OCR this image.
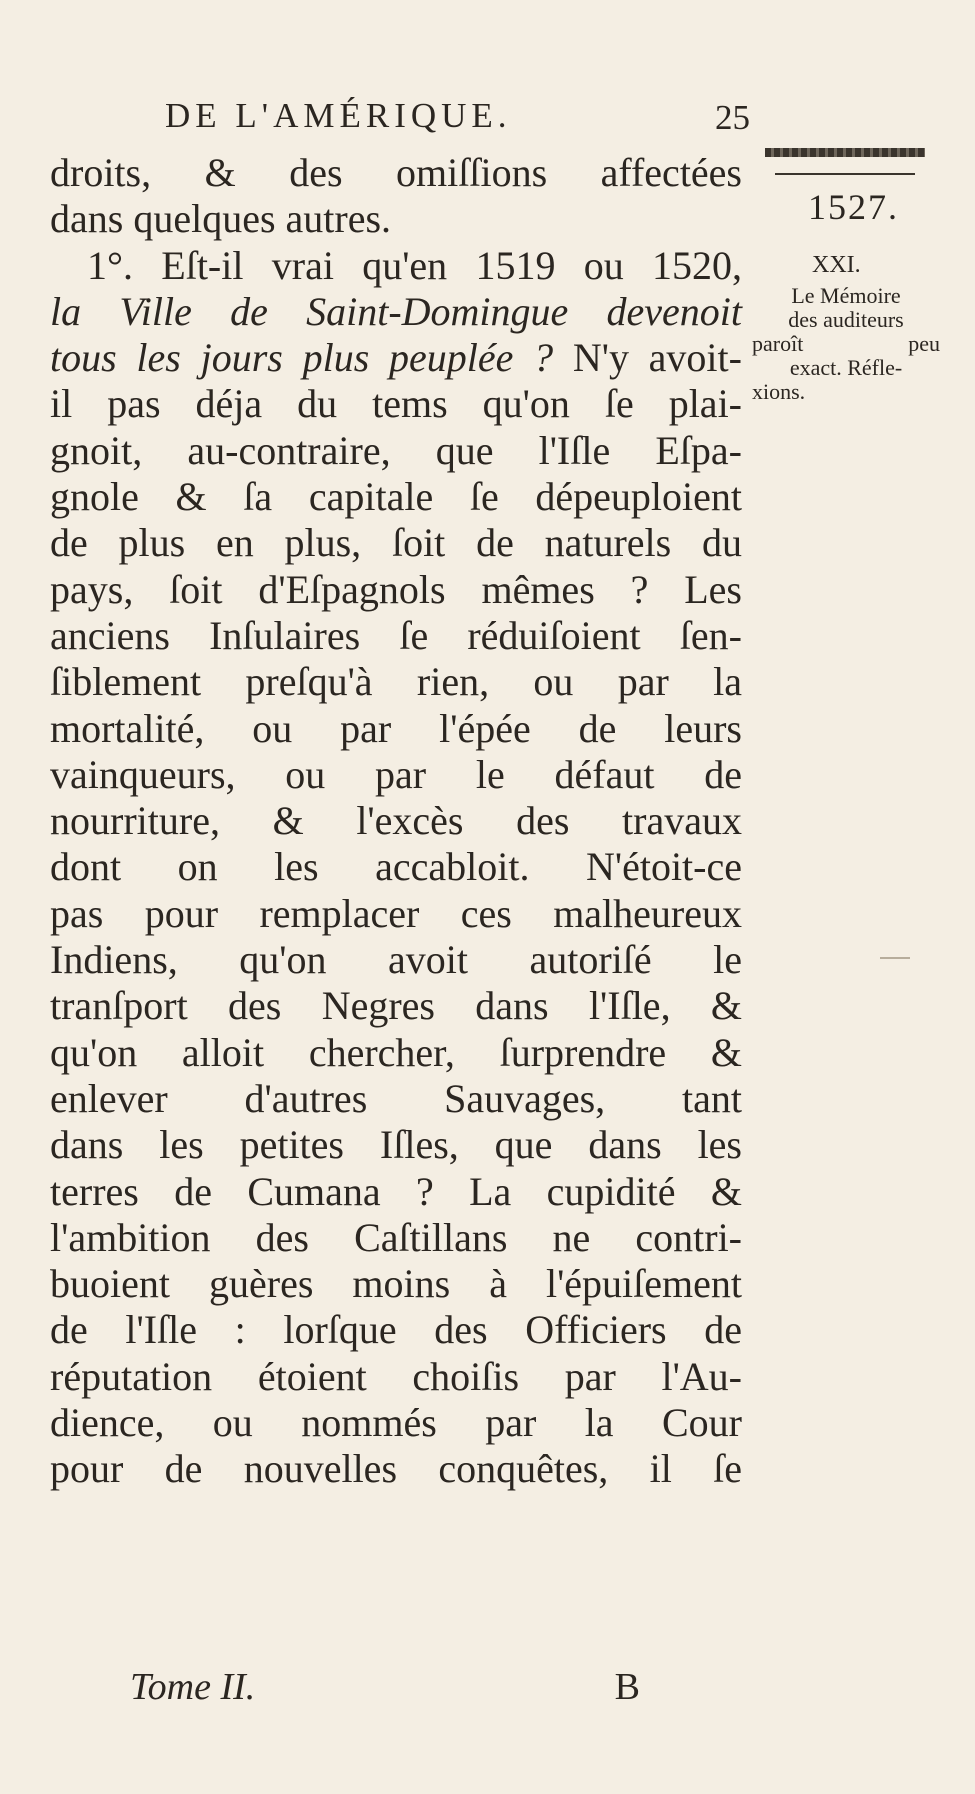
DE L'AMÉRIQUE.	25
1527.
XXI.
Le Mémoire
des auditeurs
paroît peu
exact. Réfle-
xions.
droits, & des omiſſions affectées
dans quelques autres.
1°. Eſt-il vrai qu'en 1519 ou 1520,
la Ville de Saint-Domingue devenoit
tous les jours plus peuplée ? N'y avoit-
il pas déja du tems qu'on ſe plai-
gnoit, au-contraire, que l'Iſle Eſpa-
gnole & ſa capitale ſe dépeuploient
de plus en plus, ſoit de naturels du
pays, ſoit d'Eſpagnols mêmes ? Les
anciens Inſulaires ſe réduiſoient ſen-
ſiblement preſqu'à rien, ou par la
mortalité, ou par l'épée de leurs
vainqueurs, ou par le défaut de
nourriture, & l'excès des travaux
dont on les accabloit. N'étoit-ce
pas pour remplacer ces malheureux
Indiens, qu'on avoit autoriſé le
tranſport des Negres dans l'Iſle, &
qu'on alloit chercher, ſurprendre &
enlever d'autres Sauvages, tant
dans les petites Iſles, que dans les
terres de Cumana ? La cupidité &
l'ambition des Caſtillans ne contri-
buoient guères moins à l'épuiſement
de l'Iſle : lorſque des Officiers de
réputation étoient choiſis par l'Au-
dience, ou nommés par la Cour
pour de nouvelles conquêtes, il ſe
Tome II.	B
